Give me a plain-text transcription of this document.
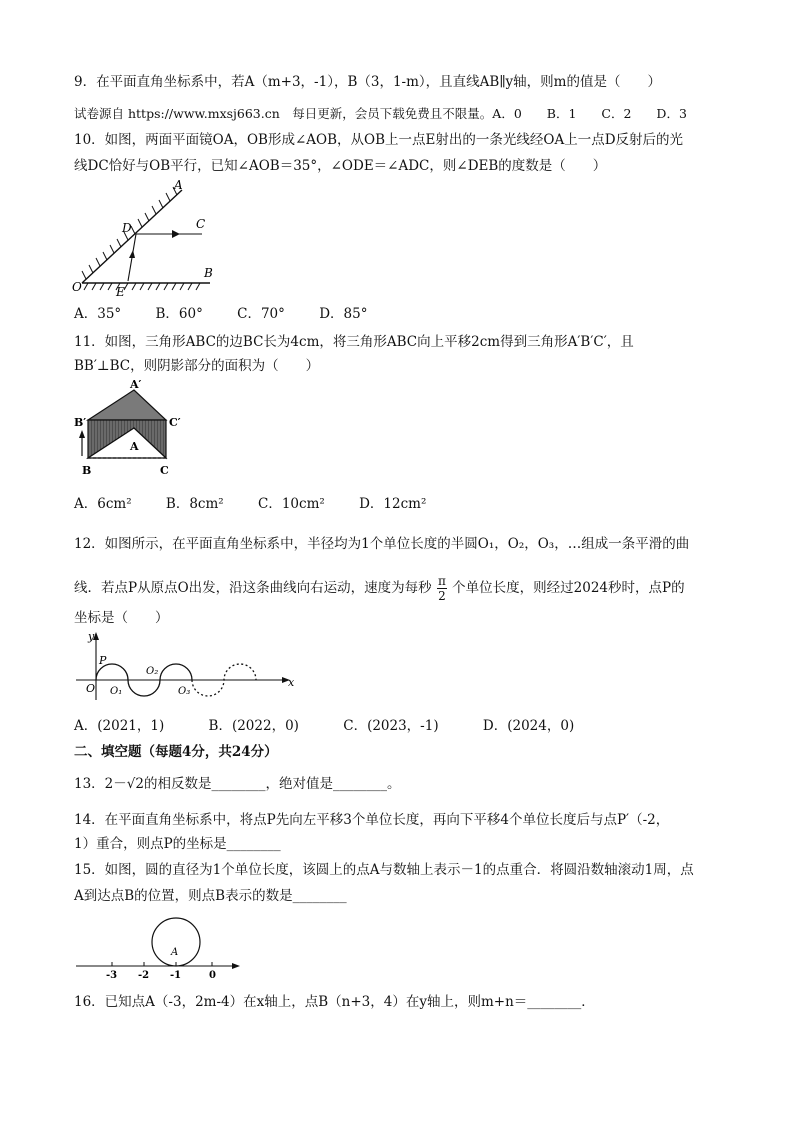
9．在平面直角坐标系中，若A（m+3，-1），B（3，1-m），且直线AB∥y轴，则m的值是（　　）
试卷源自 https://www.mxsj663.cn　每日更新，会员下载免费且不限量。A．0　　B．1　　C．2　　D．3
10．如图，两面平面镜OA，OB形成∠AOB，从OB上一点E射出的一条光线经OA上一点D反射后的光
线DC恰好与OB平行，已知∠AOB＝35°，∠ODE＝∠ADC，则∠DEB的度数是（　　）
A
C
D
O	E
B
A．35°	B．60°	C．70°	D．85°
11．如图，三角形ABC的边BC长为4cm，将三角形ABC向上平移2cm得到三角形A′B′C′，且
BB′⊥BC，则阴影部分的面积为（　　）
A′
B′	C′
A
B	C
A．6cm²	B．8cm²	C．10cm²	D．12cm²
12．如图所示，在平面直角坐标系中，半径均为1个单位长度的半圆O₁，O₂，O₃，…组成一条平滑的曲
线．若点P从原点O出发，沿这条曲线向右运动，速度为每秒 $\frac{\pi}{2}$ 个单位长度，则经过2024秒时，点P的
坐标是（　　）
y
x
P
O O₁
O₂
O₃
A．(2021，1)	B．(2022，0)	C．(2023，-1)	D．(2024，0)
二、填空题（每题4分，共24分）
13．2－√2的相反数是________，绝对值是________。
14．在平面直角坐标系中，将点P先向左平移3个单位长度，再向下平移4个单位长度后与点P′（-2，
1）重合，则点P的坐标是________
15．如图，圆的直径为1个单位长度，该圆上的点A与数轴上表示－1的点重合．将圆沿数轴滚动1周，点
A到达点B的位置，则点B表示的数是________
A
-3 -2 -1	0
16．已知点A（-3，2m-4）在x轴上，点B（n+3，4）在y轴上，则m+n＝________．
